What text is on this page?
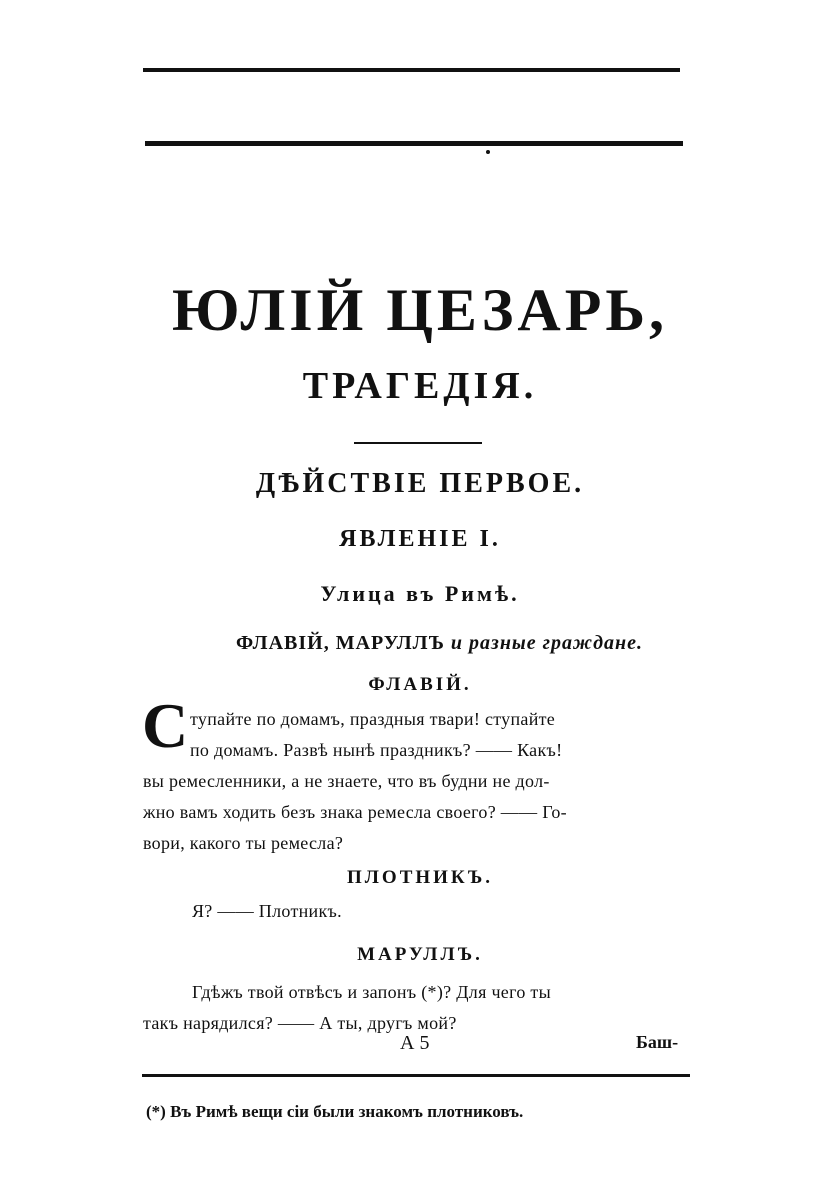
ЮЛІЙ ЦЕЗАРЬ,
ТРАГЕДІЯ.
ДѢЙСТВІЕ ПЕРВОЕ.
ЯВЛЕНІЕ I.
Улица въ Римѣ.
ФЛАВІЙ, МАРУЛЛЪ и разные граждане.
ФЛАВІЙ.
С тупайте по домамъ, праздныя твари! ступайте
по домамъ. Развѣ нынѣ праздникъ? —— Какъ!
вы ремесленники, а не знаете, что въ будни не дол-
жно вамъ ходить безъ знака ремесла своего? —— Го-
вори, какого ты ремесла?
ПЛОТНИКЪ.
Я? —— Плотникъ.
МАРУЛЛЪ.
Гдѣжъ твой отвѣсъ и запонъ (*)? Для чего ты
такъ нарядился? —— А ты, другъ мой?
А 5	Баш-
(*) Въ Римѣ вещи сіи были знакомъ плотниковъ.
